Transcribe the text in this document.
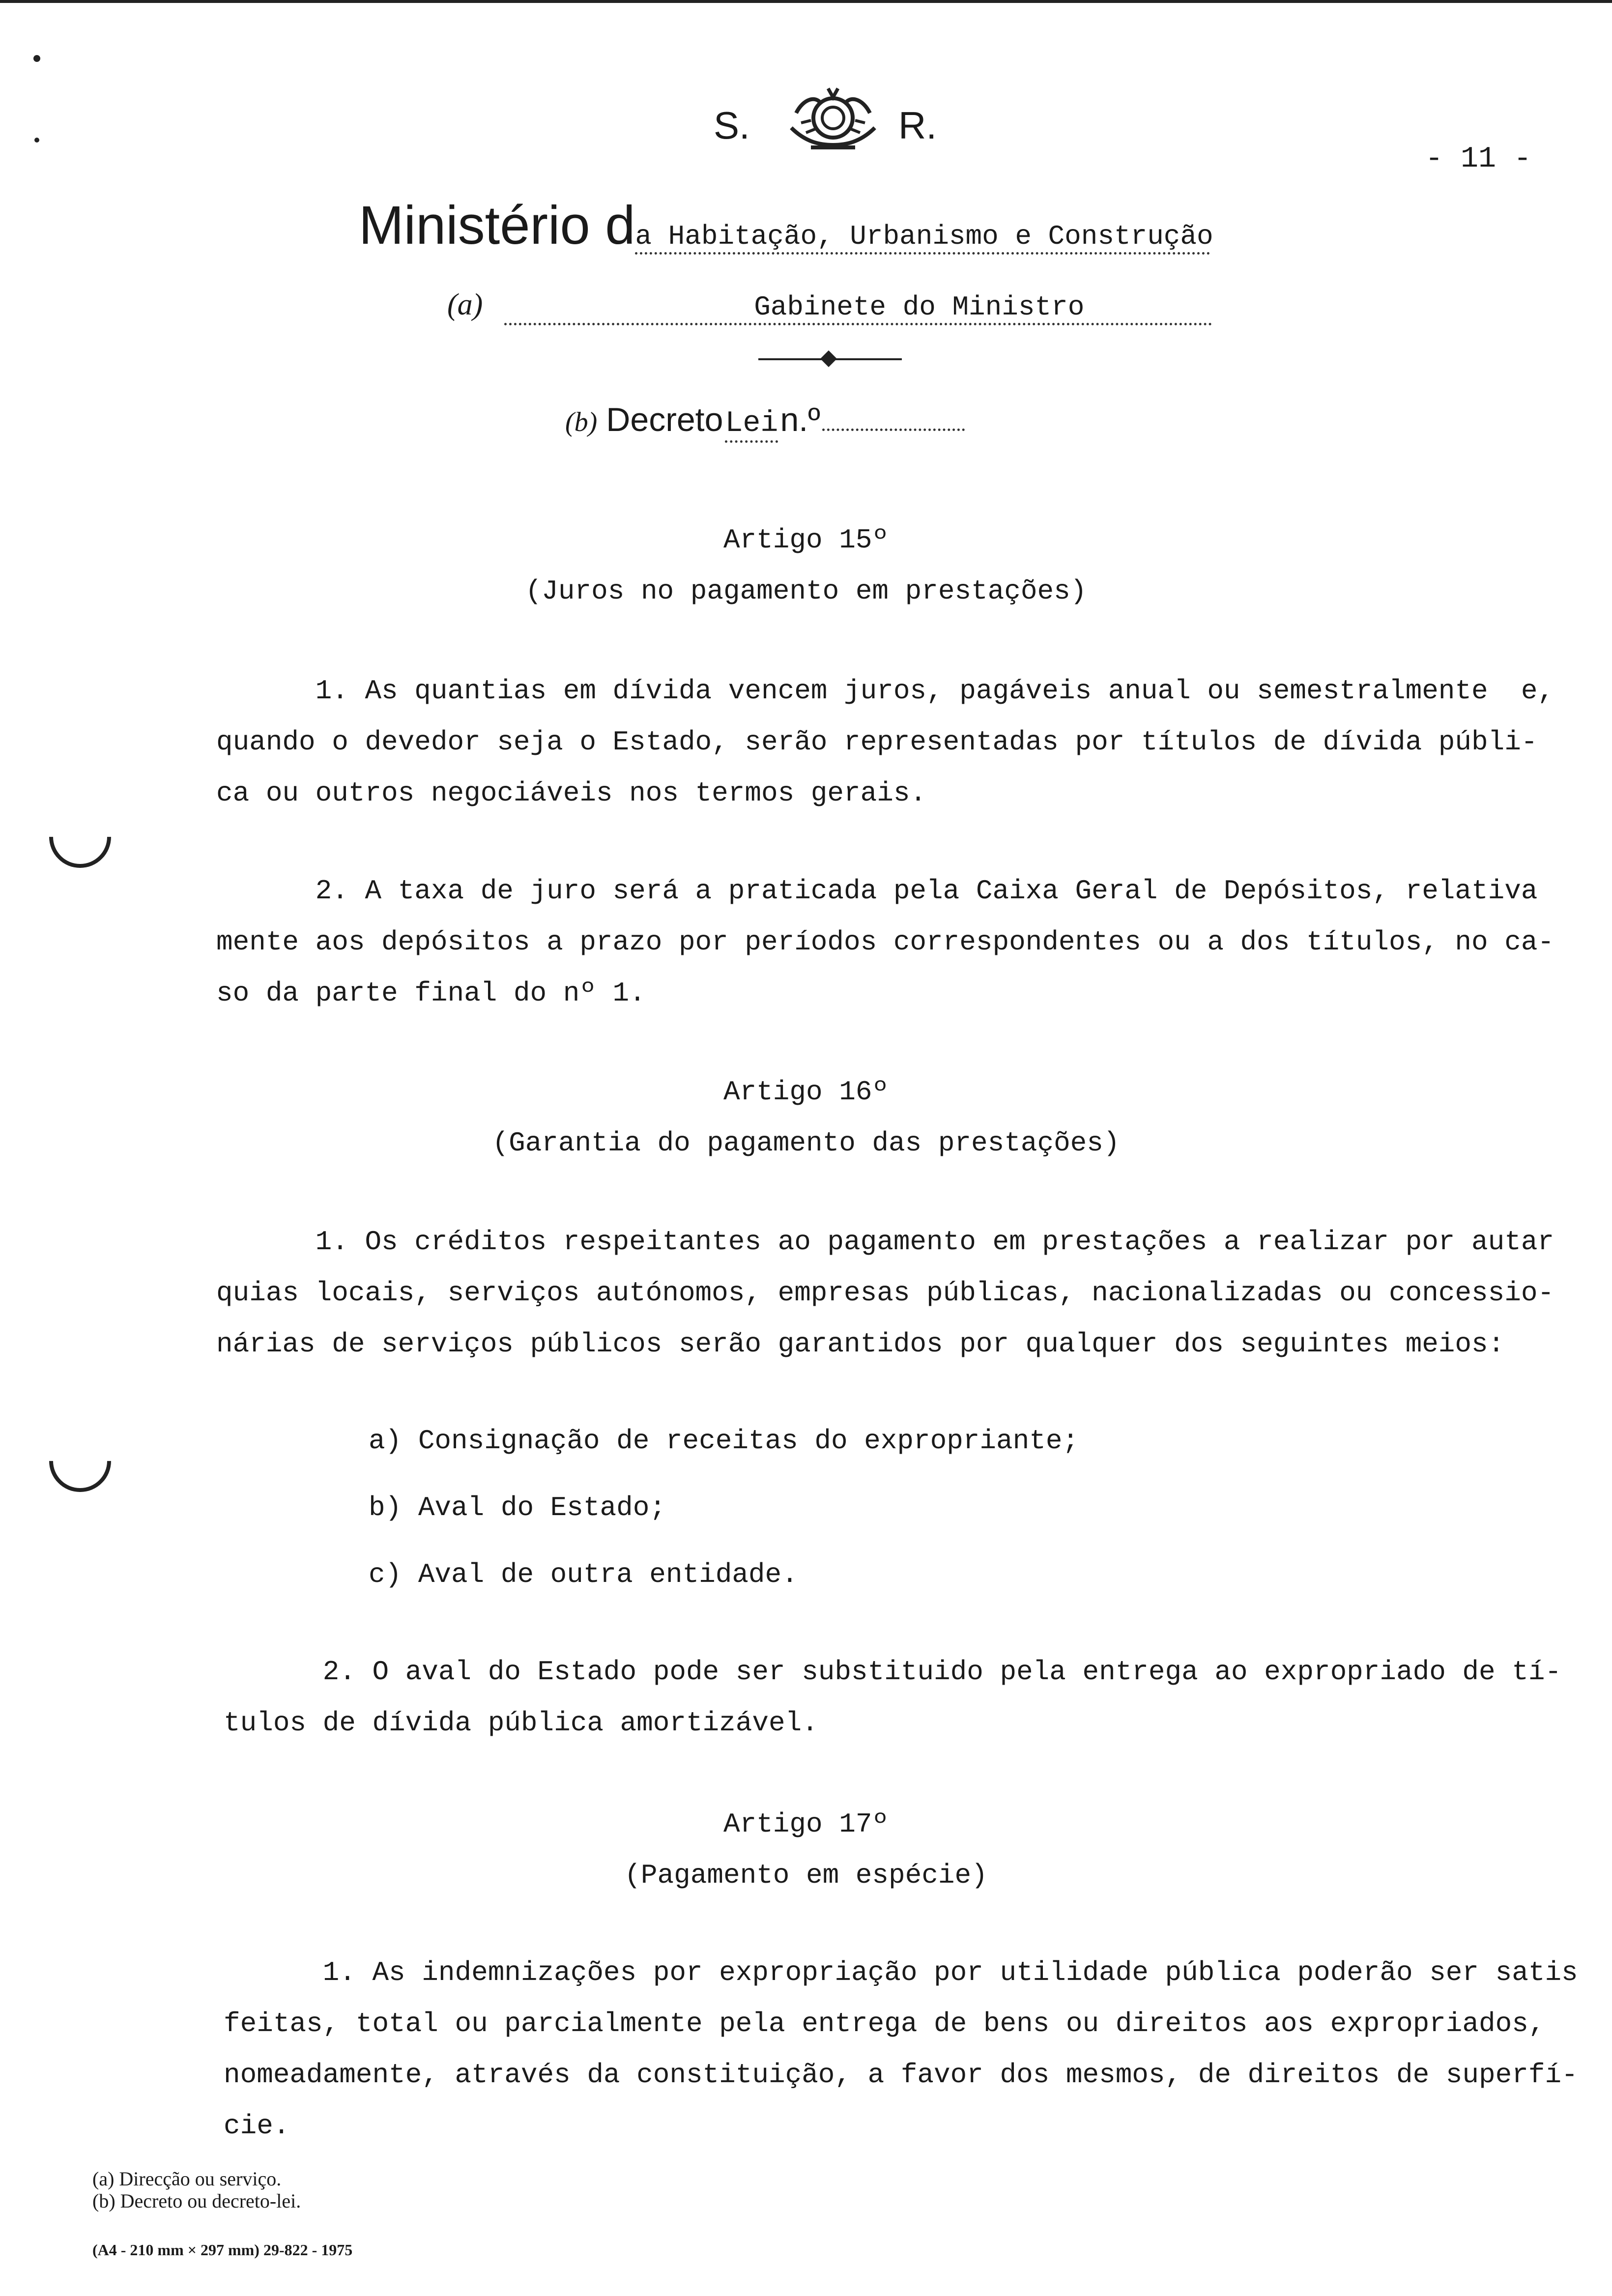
S.	R.
- 11 -
Ministério da Habitação, Urbanismo e Construção
(a)	Gabinete do Ministro
(b) Decreto Lei n.º
Artigo 15º
(Juros no pagamento em prestações)
1. As quantias em dívida vencem juros, pagáveis anual ou semestralmente  e,
quando o devedor seja o Estado, serão representadas por títulos de dívida públi-
ca ou outros negociáveis nos termos gerais.
2. A taxa de juro será a praticada pela Caixa Geral de Depósitos, relativa
mente aos depósitos a prazo por períodos correspondentes ou a dos títulos, no ca-
so da parte final do nº 1.
Artigo 16º
(Garantia do pagamento das prestações)
1. Os créditos respeitantes ao pagamento em prestações a realizar por autar
quias locais, serviços autónomos, empresas públicas, nacionalizadas ou concessio-
nárias de serviços públicos serão garantidos por qualquer dos seguintes meios:
a) Consignação de receitas do expropriante;
b) Aval do Estado;
c) Aval de outra entidade.
2. O aval do Estado pode ser substituido pela entrega ao expropriado de tí-
tulos de dívida pública amortizável.
Artigo 17º
(Pagamento em espécie)
1. As indemnizações por expropriação por utilidade pública poderão ser satis
feitas, total ou parcialmente pela entrega de bens ou direitos aos expropriados,
nomeadamente, através da constituição, a favor dos mesmos, de direitos de superfí-
cie.
(a) Direcção ou serviço.
(b) Decreto ou decreto-lei.
(A4 - 210 mm × 297 mm) 29-822 - 1975
